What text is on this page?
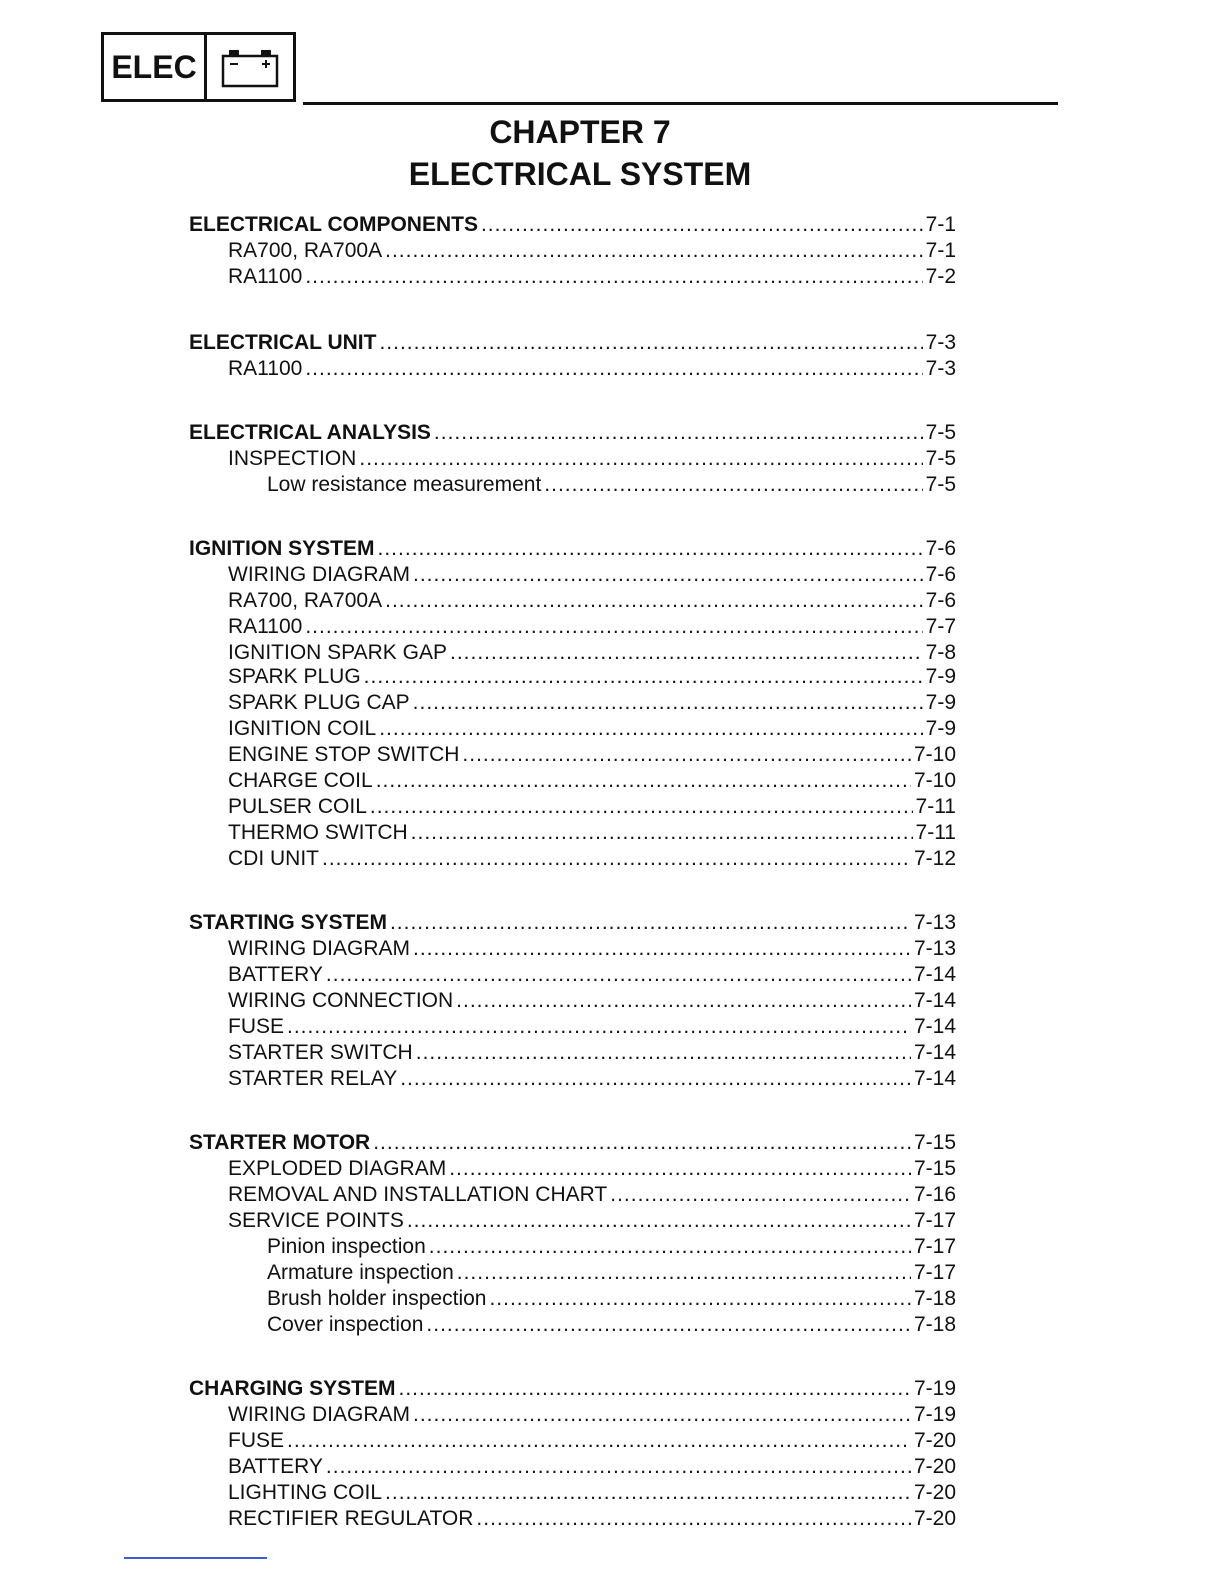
ELEC
CHAPTER 7
ELECTRICAL SYSTEM
ELECTRICAL COMPONENTS .....	7-1
RA700, RA700A .....	7-1
RA1100 .....	7-2
ELECTRICAL UNIT .....	7-3
RA1100 .....	7-3
ELECTRICAL ANALYSIS .....	7-5
INSPECTION .....	7-5
Low resistance measurement .....	7-5
IGNITION SYSTEM .....	7-6
WIRING DIAGRAM .....	7-6
RA700, RA700A .....	7-6
RA1100 .....	7-7
IGNITION SPARK GAP .....	7-8
SPARK PLUG .....	7-9
SPARK PLUG CAP .....	7-9
IGNITION COIL .....	7-9
ENGINE STOP SWITCH .....	7-10
CHARGE COIL .....	7-10
PULSER COIL .....	7-11
THERMO SWITCH .....	7-11
CDI UNIT .....	7-12
STARTING SYSTEM .....	7-13
WIRING DIAGRAM .....	7-13
BATTERY .....	7-14
WIRING CONNECTION .....	7-14
FUSE .....	7-14
STARTER SWITCH .....	7-14
STARTER RELAY .....	7-14
STARTER MOTOR .....	7-15
EXPLODED DIAGRAM .....	7-15
REMOVAL AND INSTALLATION CHART .....	7-16
SERVICE POINTS .....	7-17
Pinion inspection .....	7-17
Armature inspection .....	7-17
Brush holder inspection .....	7-18
Cover inspection .....	7-18
CHARGING SYSTEM .....	7-19
WIRING DIAGRAM .....	7-19
FUSE .....	7-20
BATTERY .....	7-20
LIGHTING COIL .....	7-20
RECTIFIER REGULATOR .....	7-20
